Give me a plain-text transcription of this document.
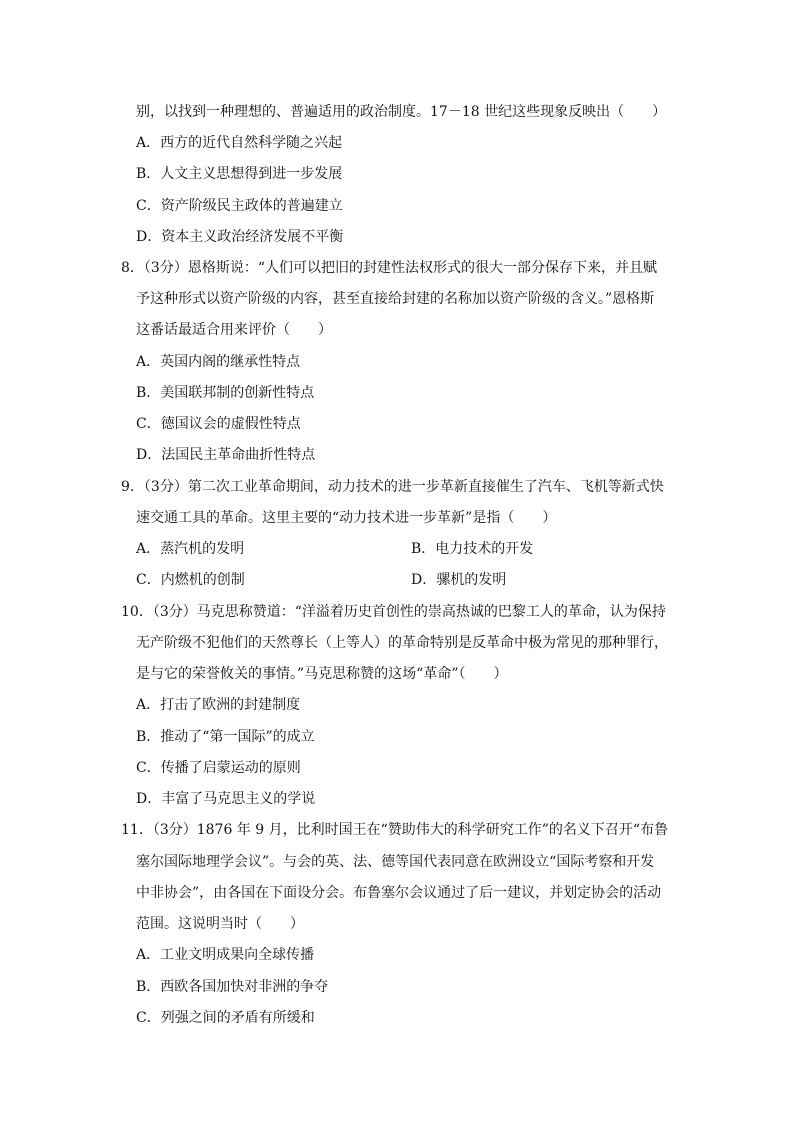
别，以找到一种理想的、普遍适用的政治制度。17－18 世纪这些现象反映出（　　）
A．西方的近代自然科学随之兴起
B．人文主义思想得到进一步发展
C．资产阶级民主政体的普遍建立
D．资本主义政治经济发展不平衡
8．（3分）恩格斯说：“人们可以把旧的封建性法权形式的很大一部分保存下来，并且赋
予这种形式以资产阶级的内容，甚至直接给封建的名称加以资产阶级的含义。”恩格斯
这番话最适合用来评价（　　）
A．英国内阁的继承性特点
B．美国联邦制的创新性特点
C．德国议会的虚假性特点
D．法国民主革命曲折性特点
9．（3分）第二次工业革命期间，动力技术的进一步革新直接催生了汽车、飞机等新式快
速交通工具的革命。这里主要的“动力技术进一步革新”是指（　　）
A．蒸汽机的发明	B．电力技术的开发
C．内燃机的创制	D．骡机的发明
10．（3分）马克思称赞道：“洋溢着历史首创性的崇高热诚的巴黎工人的革命，认为保持
无产阶级不犯他们的天然尊长（上等人）的革命特别是反革命中极为常见的那种罪行，
是与它的荣誉攸关的事情。”马克思称赞的这场“革命”（　　）
A．打击了欧洲的封建制度
B．推动了“第一国际”的成立
C．传播了启蒙运动的原则
D．丰富了马克思主义的学说
11．（3分）1876 年 9 月，比利时国王在“赞助伟大的科学研究工作”的名义下召开“布鲁
塞尔国际地理学会议”。与会的英、法、德等国代表同意在欧洲设立“国际考察和开发
中非协会”，由各国在下面设分会。布鲁塞尔会议通过了后一建议，并划定协会的活动
范围。这说明当时（　　）
A．工业文明成果向全球传播
B．西欧各国加快对非洲的争夺
C．列强之间的矛盾有所缓和
